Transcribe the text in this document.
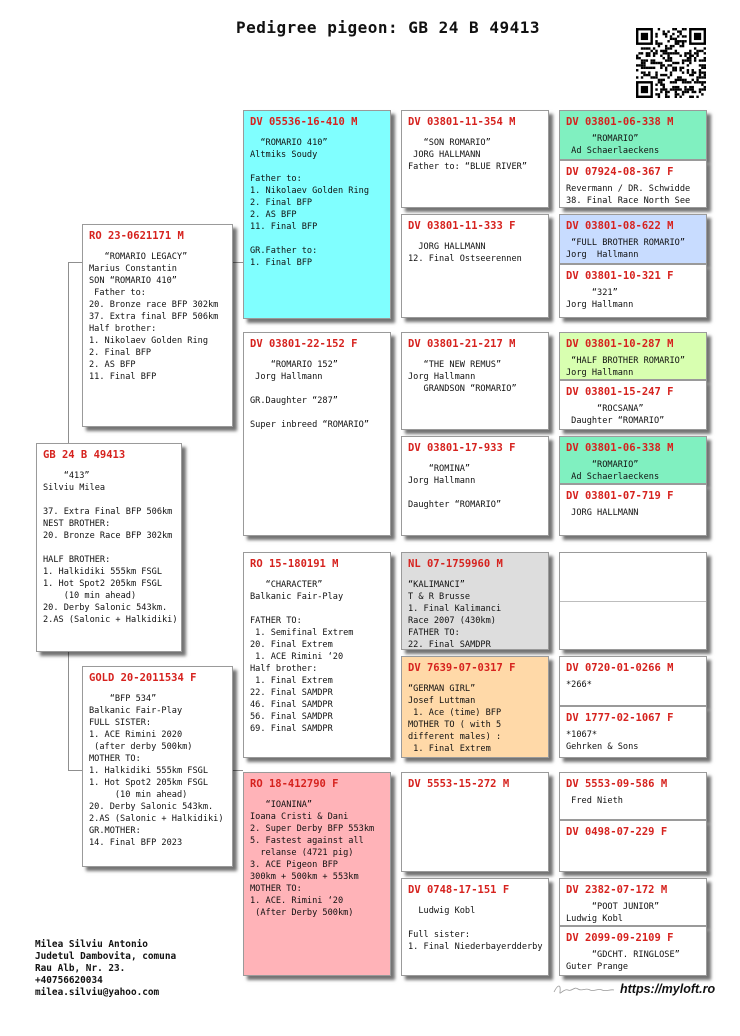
Pedigree pigeon: GB 24 B 49413
GB 24 B 49413
“413”
Silviu Milea
37. Extra Final BFP 506km
NEST BROTHER:
20. Bronze Race BFP 302km
HALF BROTHER:
1. Halkidiki 555km FSGL
1. Hot Spot2 205km FSGL
(10 min ahead)
20. Derby Salonic 543km.
2.AS (Salonic + Halkidiki)
RO 23-0621171 M
“ROMARIO LEGACY”
Marius Constantin
SON “ROMARIO 410”
Father to:
20. Bronze race BFP 302km
37. Extra final BFP 506km
Half brother:
1. Nikolaev Golden Ring
2. Final BFP
2. AS BFP
11. Final BFP
GOLD 20-2011534 F
“BFP 534”
Balkanic Fair-Play
FULL SISTER:
1. ACE Rimini 2020
(after derby 500km)
MOTHER TO:
1. Halkidiki 555km FSGL
1. Hot Spot2 205km FSGL
(10 min ahead)
20. Derby Salonic 543km.
2.AS (Salonic + Halkidiki)
GR.MOTHER:
14. Final BFP 2023
DV 05536-16-410 M
“ROMARIO 410”
Altmiks Soudy
Father to:
1. Nikolaev Golden Ring
2. Final BFP
2. AS BFP
11. Final BFP
GR.Father to:
1. Final BFP
DV 03801-22-152 F
“ROMARIO 152”
Jorg Hallmann
GR.Daughter “287”
Super inbreed “ROMARIO”
RO 15-180191 M
“CHARACTER”
Balkanic Fair-Play
FATHER TO:
1. Semifinal Extrem
20. Final Extrem
1. ACE Rimini ‘20
Half brother:
1. Final Extrem
22. Final SAMDPR
46. Final SAMDPR
56. Final SAMDPR
69. Final SAMDPR
RO 18-412790 F
“IOANINA”
Ioana Cristi & Dani
2. Super Derby BFP 553km
5. Fastest against all
relanse (4721 pig)
3. ACE Pigeon BFP
300km + 500km + 553km
MOTHER TO:
1. ACE. Rimini ‘20
(After Derby 500km)
DV 03801-11-354 M
“SON ROMARIO”
JORG HALLMANN
Father to: “BLUE RIVER”
DV 03801-11-333 F
JORG HALLMANN
12. Final Ostseerennen
DV 03801-21-217 M
“THE NEW REMUS”
Jorg Hallmann
GRANDSON “ROMARIO”
DV 03801-17-933 F
“ROMINA”
Jorg Hallmann
Daughter “ROMARIO”
NL 07-1759960 M
“KALIMANCI”
T & R Brusse
1. Final Kalimanci
Race 2007 (430km)
FATHER TO:
22. Final SAMDPR
DV 7639-07-0317 F
“GERMAN GIRL”
Josef Luttman
1. Ace (time) BFP
MOTHER TO ( with 5
different males) :
1. Final Extrem
DV 5553-15-272 M
DV 0748-17-151 F
Ludwig Kobl
Full sister:
1. Final Niederbayerdderby
DV 03801-06-338 M
“ROMARIO”
Ad Schaerlaeckens
DV 07924-08-367 F
Revermann / DR. Schwidde
38. Final Race North See
DV 03801-08-622 M
“FULL BROTHER ROMARIO”
Jorg  Hallmann
DV 03801-10-321 F
“321”
Jorg Hallmann
DV 03801-10-287 M
“HALF BROTHER ROMARIO”
Jorg Hallmann
DV 03801-15-247 F
“ROCSANA”
Daughter “ROMARIO”
DV 03801-06-338 M
“ROMARIO”
Ad Schaerlaeckens
DV 03801-07-719 F
JORG HALLMANN
DV 0720-01-0266 M
*266*
DV 1777-02-1067 F
*1067*
Gehrken & Sons
DV 5553-09-586 M
Fred Nieth
DV 0498-07-229 F
DV 2382-07-172 M
“POOT JUNIOR”
Ludwig Kobl
DV 2099-09-2109 F
“GDCHT. RINGLOSE”
Guter Prange
Milea Silviu Antonio
Judetul Dambovita, comuna
Rau Alb, Nr. 23.
+40756620034
milea.silviu@yahoo.com	https://myloft.ro
